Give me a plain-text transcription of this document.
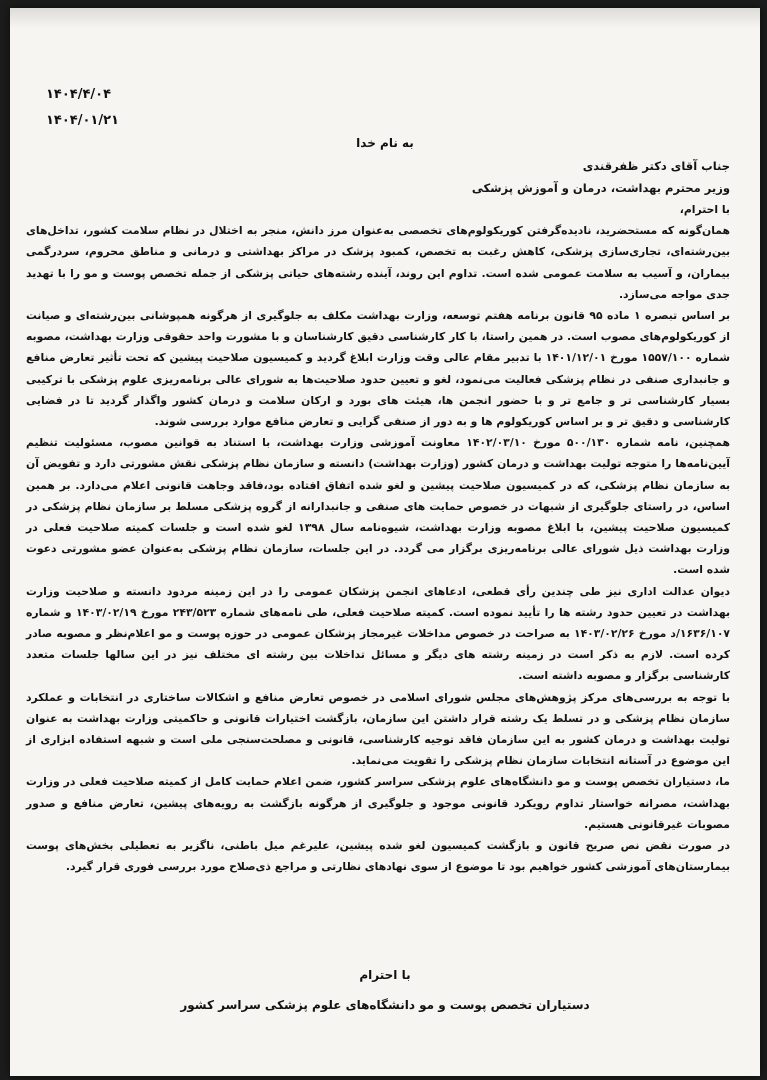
۱۴۰۴/۴/۰۴
۱۴۰۴/۰۱/۲۱
به نام خدا

جناب آقای دکتر ظفرقندی

وزیر محترم بهداشت، درمان و آموزش پزشکی

با احترام،

همان‌گونه که مستحضرید، نادیده‌گرفتن کوریکولوم‌های تخصصی به‌عنوان مرز دانش، منجر به اختلال در نظام سلامت کشور، تداخل‌های بین‌رشته‌ای، تجاری‌سازی پزشکی، کاهش رغبت به تخصص، کمبود پزشک در مراکز بهداشتی و درمانی و مناطق محروم، سردرگمی بیماران، و آسیب به سلامت عمومی شده است. تداوم این روند، آینده رشته‌های حیاتی پزشکی از جمله تخصص پوست و مو را با تهدید جدی مواجه می‌سازد.

بر اساس تبصره ۱ ماده ۹۵ قانون برنامه هفتم توسعه، وزارت بهداشت مکلف به جلوگیری از هرگونه همپوشانی بین‌رشته‌ای و صیانت از کوریکولوم‌های مصوب است. در همین راستا، با کار کارشناسی دقیق کارشناسان و با مشورت واحد حقوقی وزارت بهداشت، مصوبه شماره ۱۵۵۷/۱۰۰ مورخ ۱۴۰۱/۱۲/۰۱ با تدبیر مقام عالی وقت وزارت ابلاغ گردید و کمیسیون صلاحیت پیشین که تحت تأثیر تعارض منافع و جانبداری صنفی در نظام پزشکی فعالیت می‌نمود، لغو و تعیین حدود صلاحیت‌ها به شورای عالی برنامه‌ریزی علوم پزشکی با ترکیبی بسیار کارشناسی تر و جامع تر و با حضور انجمن ها، هیئت های بورد و ارکان سلامت و درمان کشور واگذار گردید تا در فضایی کارشناسی و دقیق تر و بر اساس کوریکولوم ها و به دور از صنفی گرایی و تعارض منافع موارد بررسی شوند.

همچنین، نامه شماره ۵۰۰/۱۳۰ مورخ ۱۴۰۲/۰۳/۱۰ معاونت آموزشی وزارت بهداشت، با استناد به قوانین مصوب، مسئولیت تنظیم آیین‌نامه‌ها را متوجه تولیت بهداشت و درمان کشور (وزارت بهداشت) دانسته و سازمان نظام پزشکی نقش مشورتی دارد و تفویض آن به سازمان نظام پزشکی، که در کمیسیون صلاحیت پیشین و لغو شده اتفاق افتاده بود،فاقد وجاهت قانونی اعلام می‌دارد. بر همین اساس، در راستای جلوگیری از شبهات در خصوص حمایت های صنفی و جانبدارانه از گروه پزشکی مسلط بر سازمان نظام پزشکی در کمیسیون صلاحیت پیشین، با ابلاغ مصوبه وزارت بهداشت، شیوه‌نامه سال ۱۳۹۸ لغو شده است و جلسات کمیته صلاحیت فعلی در وزارت بهداشت ذیل شورای عالی برنامه‌ریزی برگزار می گردد. در این جلسات، سازمان نظام پزشکی به‌عنوان عضو مشورتی دعوت شده است.

دیوان عدالت اداری نیز طی چندین رأی قطعی، ادعاهای انجمن پزشکان عمومی را در این زمینه مردود دانسته و صلاحیت وزارت بهداشت در تعیین حدود رشته ها را تأیید نموده است. کمیته صلاحیت فعلی، طی نامه‌های شماره ۲۴۳/۵۲۳ مورخ ۱۴۰۳/۰۲/۱۹ و شماره ۱۶۳۶/۱۰۷/د مورخ ۱۴۰۳/۰۲/۲۶ به صراحت در خصوص مداخلات غیرمجاز پزشکان عمومی در حوزه پوست و مو اعلام‌نظر و مصوبه صادر کرده است. لازم به ذکر است در زمینه رشته های دیگر و مسائل تداخلات بین رشته ای مختلف نیز در این سالها جلسات متعدد کارشناسی برگزار و مصوبه داشته است.

با توجه به بررسی‌های مرکز پژوهش‌های مجلس شورای اسلامی در خصوص تعارض منافع و اشکالات ساختاری در انتخابات و عملکرد سازمان نظام پزشکی و در تسلط یک رشته قرار داشتن این سازمان، بازگشت اختیارات قانونی و حاکمیتی وزارت بهداشت به عنوان تولیت بهداشت و درمان کشور به این سازمان فاقد توجیه کارشناسی، قانونی و مصلحت‌سنجی ملی است و شبهه استفاده ابزاری از این موضوع در آستانه انتخابات سازمان نظام پزشکی را تقویت می‌نماید.

ما، دستیاران تخصص پوست و مو دانشگاه‌های علوم پزشکی سراسر کشور، ضمن اعلام حمایت کامل از کمیته صلاحیت فعلی در وزارت بهداشت، مصرانه خواستار تداوم رویکرد قانونی موجود و جلوگیری از هرگونه بازگشت به رویه‌های پیشین، تعارض منافع و صدور مصوبات غیرقانونی هستیم.

در صورت نقض نص صریح قانون و بازگشت کمیسیون لغو شده پیشین، علیرغم میل باطنی، ناگزیر به تعطیلی بخش‌های پوست بیمارستان‌های آموزشی کشور خواهیم بود تا موضوع از سوی نهادهای نظارتی و مراجع ذی‌صلاح مورد بررسی فوری قرار گیرد.

با احترام
دستیاران تخصص پوست و مو دانشگاه‌های علوم پزشکی سراسر کشور
